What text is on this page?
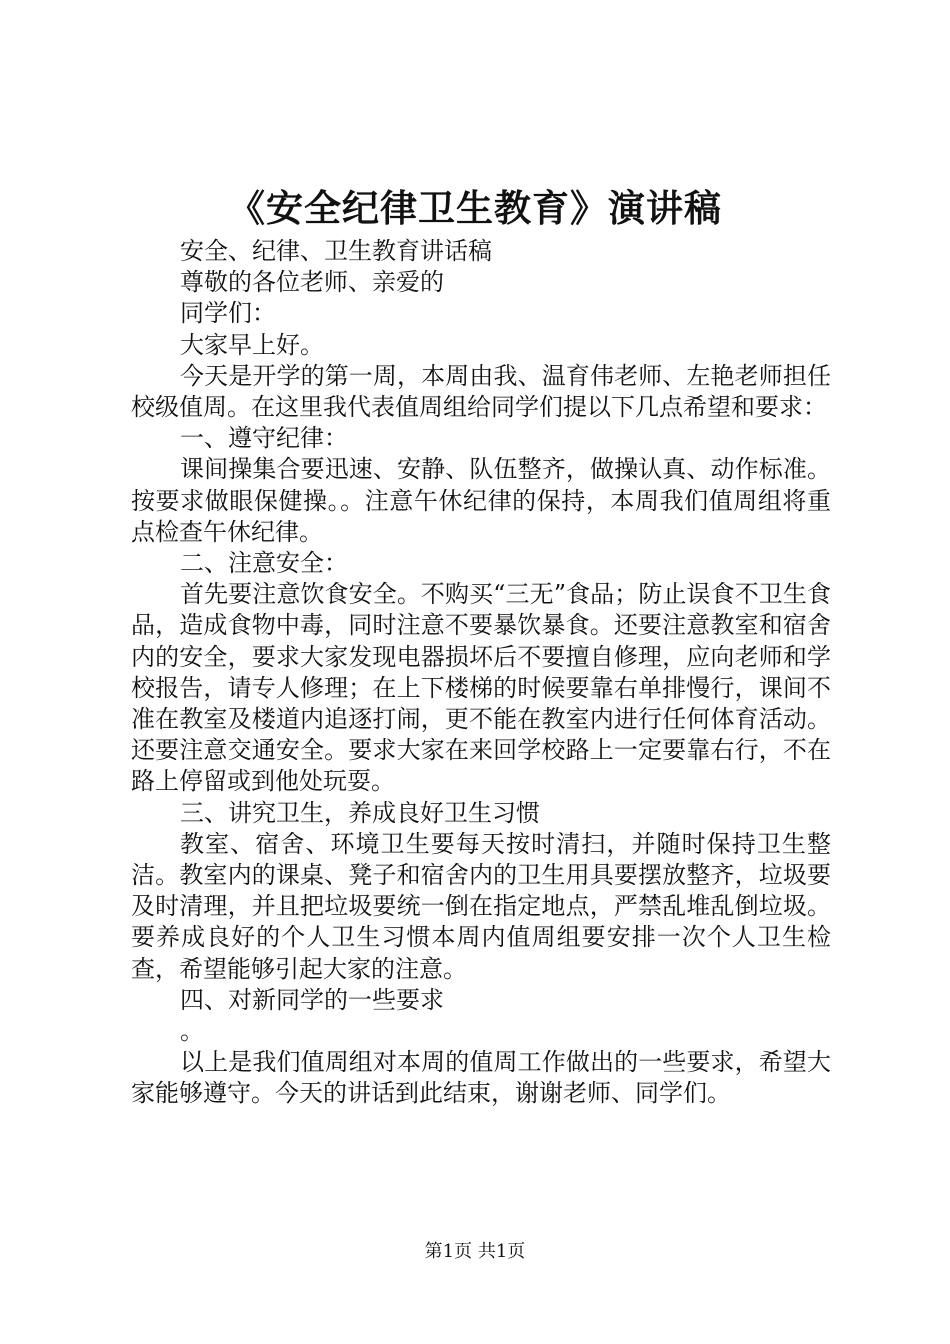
《安全纪律卫生教育》演讲稿

安全、纪律、卫生教育讲话稿

尊敬的各位老师、亲爱的

同学们：

大家早上好。

今天是开学的第一周，本周由我、温育伟老师、左艳老师担任校级值周。在这里我代表值周组给同学们提以下几点希望和要求：

一、遵守纪律：

课间操集合要迅速、安静、队伍整齐，做操认真、动作标准。按要求做眼保健操。。注意午休纪律的保持，本周我们值周组将重点检查午休纪律。

二、注意安全：

首先要注意饮食安全。不购买“三无”食品；防止误食不卫生食品，造成食物中毒，同时注意不要暴饮暴食。还要注意教室和宿舍内的安全，要求大家发现电器损坏后不要擅自修理，应向老师和学校报告，请专人修理；在上下楼梯的时候要靠右单排慢行，课间不准在教室及楼道内追逐打闹，更不能在教室内进行任何体育活动。还要注意交通安全。要求大家在来回学校路上一定要靠右行，不在路上停留或到他处玩耍。

三、讲究卫生，养成良好卫生习惯

教室、宿舍、环境卫生要每天按时清扫，并随时保持卫生整洁。教室内的课桌、凳子和宿舍内的卫生用具要摆放整齐，垃圾要及时清理，并且把垃圾要统一倒在指定地点，严禁乱堆乱倒垃圾。要养成良好的个人卫生习惯本周内值周组要安排一次个人卫生检查，希望能够引起大家的注意。

四、对新同学的一些要求

。

以上是我们值周组对本周的值周工作做出的一些要求，希望大家能够遵守。今天的讲话到此结束，谢谢老师、同学们。

第1页 共1页
